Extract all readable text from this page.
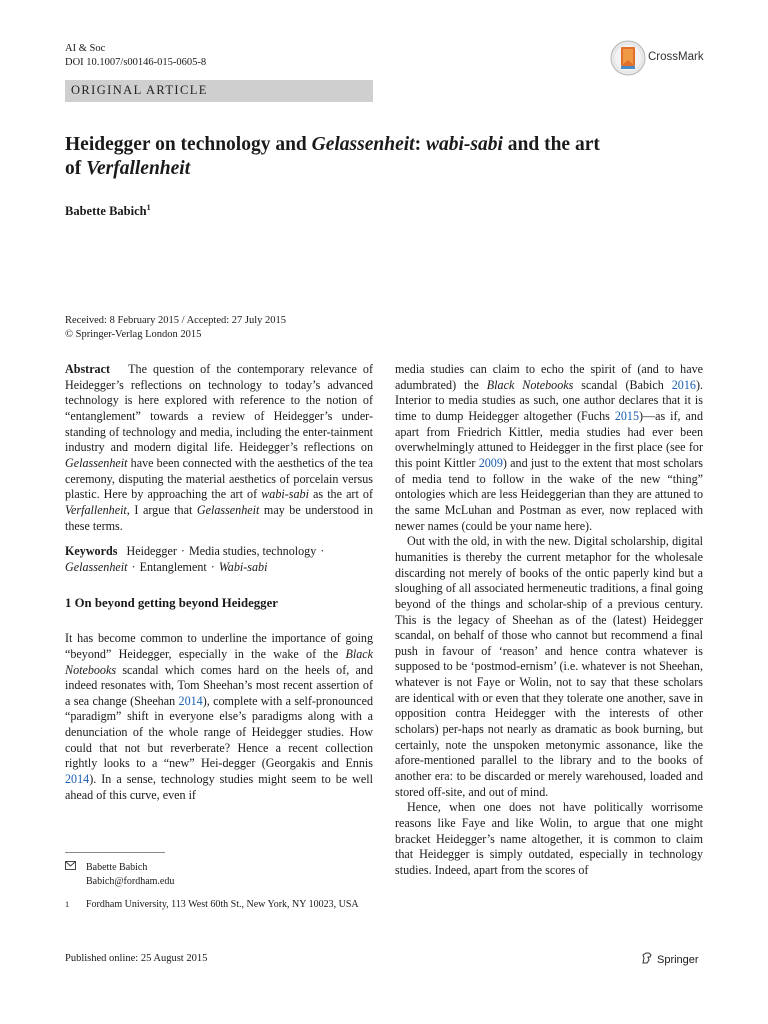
AI & Soc
DOI 10.1007/s00146-015-0605-8	CrossMark
ORIGINAL ARTICLE
Heidegger on technology and Gelassenheit: wabi-sabi and the art
of Verfallenheit
Babette Babich$^1$
Received: 8 February 2015 / Accepted: 27 July 2015
© Springer-Verlag London 2015

Abstract The question of the contemporary relevance of Heidegger’s reflections on technology to today’s advanced technology is here explored with reference to the notion of “entanglement” towards a review of Heidegger’s under-standing of technology and media, including the enter-tainment industry and modern digital life. Heidegger’s reflections on Gelassenheit have been connected with the aesthetics of the tea ceremony, disputing the material aesthetics of porcelain versus plastic. Here by approaching the art of wabi-sabi as the art of Verfallenheit, I argue that Gelassenheit may be understood in these terms.

Keywords Heidegger · Media studies, technology ·
Gelassenheit · Entanglement · Wabi-sabi

1 On beyond getting beyond Heidegger

It has become common to underline the importance of going “beyond” Heidegger, especially in the wake of the Black Notebooks scandal which comes hard on the heels of, and indeed resonates with, Tom Sheehan’s most recent assertion of a sea change (Sheehan 2014), complete with a self-pronounced “paradigm” shift in everyone else’s paradigms along with a denunciation of the whole range of Heidegger studies. How could that not but reverberate? Hence a recent collection rightly looks to a “new” Hei-degger (Georgakis and Ennis 2014). In a sense, technology studies might seem to be well ahead of this curve, even if

media studies can claim to echo the spirit of (and to have adumbrated) the Black Notebooks scandal (Babich 2016). Interior to media studies as such, one author declares that it is time to dump Heidegger altogether (Fuchs 2015)—as if, and apart from Friedrich Kittler, media studies had ever been overwhelmingly attuned to Heidegger in the first place (see for this point Kittler 2009) and just to the extent that most scholars of media tend to follow in the wake of the new “thing” ontologies which are less Heideggerian than they are attuned to the same McLuhan and Postman as ever, now replaced with newer names (could be your name here).

Out with the old, in with the new. Digital scholarship, digital humanities is thereby the current metaphor for the wholesale discarding not merely of books of the ontic paperly kind but a sloughing of all associated hermeneutic traditions, a final going beyond of the things and scholar-ship of a previous century. This is the legacy of Sheehan as of the (latest) Heidegger scandal, on behalf of those who cannot but recommend a final push in favour of ‘reason’ and hence contra whatever is supposed to be ‘postmod-ernism’ (i.e. whatever is not Sheehan, whatever is not Faye or Wolin, not to say that these scholars are identical with or even that they tolerate one another, save in opposition contra Heidegger with the interests of other scholars) per-haps not nearly as dramatic as book burning, but certainly, note the unspoken metonymic assonance, like the afore-mentioned parallel to the library and to the books of another era: to be discarded or merely warehoused, loaded and stored off-site, and out of mind.

Hence, when one does not have politically worrisome reasons like Faye and like Wolin, to argue that one might bracket Heidegger’s name altogether, it is common to claim that Heidegger is simply outdated, especially in technology studies. Indeed, apart from the scores of

Babette Babich
Babich@fordham.edu
$^1$ Fordham University, 113 West 60th St., New York, NY 10023, USA
Published online: 25 August 2015	Springer
